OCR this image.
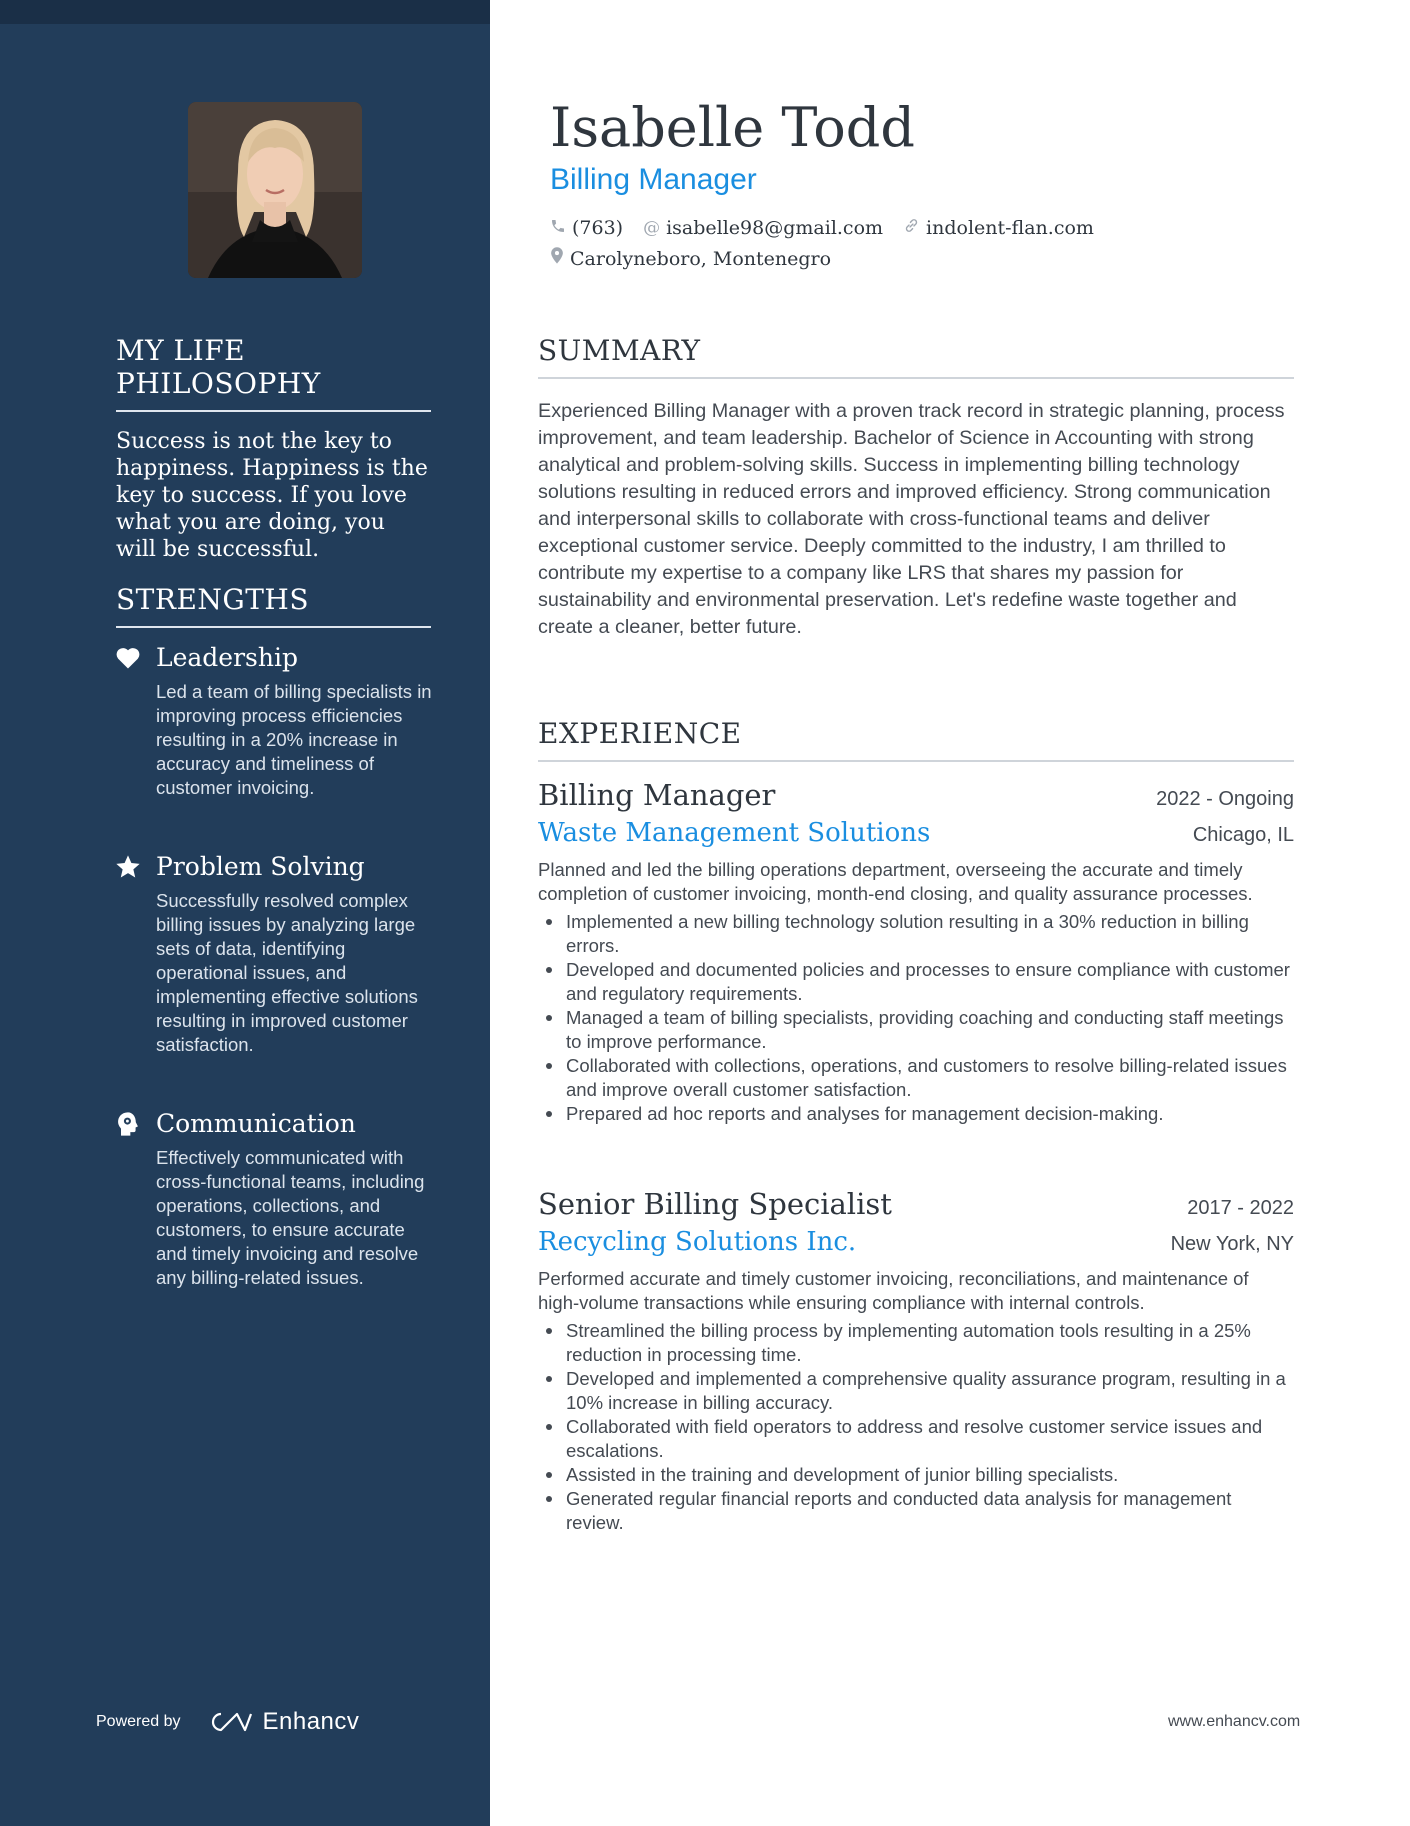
MY LIFE PHILOSOPHY
Success is not the key to happiness. Happiness is the key to success. If you love what you are doing, you will be successful.
STRENGTHS
Leadership
Led a team of billing specialists in improving process efficiencies resulting in a 20% increase in accuracy and timeliness of customer invoicing.
Problem Solving
Successfully resolved complex billing issues by analyzing large sets of data, identifying operational issues, and implementing effective solutions resulting in improved customer satisfaction.
Communication
Effectively communicated with cross-functional teams, including operations, collections, and customers, to ensure accurate and timely invoicing and resolve any billing-related issues.
Powered by	Enhancv
Isabelle Todd
Billing Manager
(763) @ isabelle98@gmail.com indolent-flan.com
Carolyneboro, Montenegro
SUMMARY
Experienced Billing Manager with a proven track record in strategic planning, process improvement, and team leadership. Bachelor of Science in Accounting with strong analytical and problem-solving skills. Success in implementing billing technology solutions resulting in reduced errors and improved efficiency. Strong communication and interpersonal skills to collaborate with cross-functional teams and deliver exceptional customer service. Deeply committed to the industry, I am thrilled to contribute my expertise to a company like LRS that shares my passion for sustainability and environmental preservation. Let's redefine waste together and create a cleaner, better future.
EXPERIENCE
Billing Manager	2022 - Ongoing
Waste Management Solutions	Chicago, IL
Planned and led the billing operations department, overseeing the accurate and timely completion of customer invoicing, month-end closing, and quality assurance processes.
Implemented a new billing technology solution resulting in a 30% reduction in billing errors.
Developed and documented policies and processes to ensure compliance with customer and regulatory requirements.
Managed a team of billing specialists, providing coaching and conducting staff meetings to improve performance.
Collaborated with collections, operations, and customers to resolve billing-related issues and improve overall customer satisfaction.
Prepared ad hoc reports and analyses for management decision-making.
Senior Billing Specialist	2017 - 2022
Recycling Solutions Inc.	New York, NY
Performed accurate and timely customer invoicing, reconciliations, and maintenance of high-volume transactions while ensuring compliance with internal controls.
Streamlined the billing process by implementing automation tools resulting in a 25% reduction in processing time.
Developed and implemented a comprehensive quality assurance program, resulting in a 10% increase in billing accuracy.
Collaborated with field operators to address and resolve customer service issues and escalations.
Assisted in the training and development of junior billing specialists.
Generated regular financial reports and conducted data analysis for management review.
www.enhancv.com
